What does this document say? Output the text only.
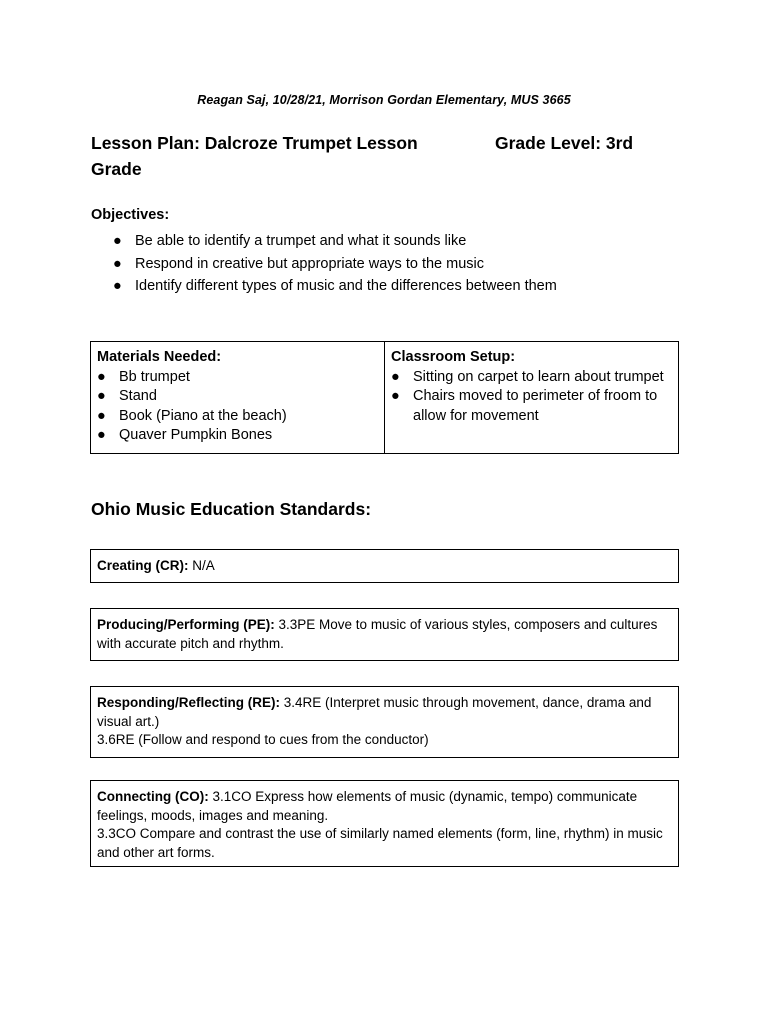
Reagan Saj, 10/28/21, Morrison Gordan Elementary, MUS 3665
Lesson Plan: Dalcroze Trumpet Lesson	Grade Level: 3rd
Grade
Objectives:
● Be able to identify a trumpet and what it sounds like
● Respond in creative but appropriate ways to the music
● Identify different types of music and the differences between them
Materials Needed:
● Bb trumpet
● Stand
● Book (Piano at the beach)
● Quaver Pumpkin Bones

Classroom Setup:
● Sitting on carpet to learn about trumpet
● Chairs moved to perimeter of froom to allow for movement
Ohio Music Education Standards:
Creating (CR): N/A
Producing/Performing (PE): 3.3PE Move to music of various styles, composers and cultures with accurate pitch and rhythm.
Responding/Reflecting (RE): 3.4RE (Interpret music through movement, dance, drama and visual art.)
3.6RE (Follow and respond to cues from the conductor)
Connecting (CO): 3.1CO Express how elements of music (dynamic, tempo) communicate feelings, moods, images and meaning.
3.3CO Compare and contrast the use of similarly named elements (form, line, rhythm) in music and other art forms.
